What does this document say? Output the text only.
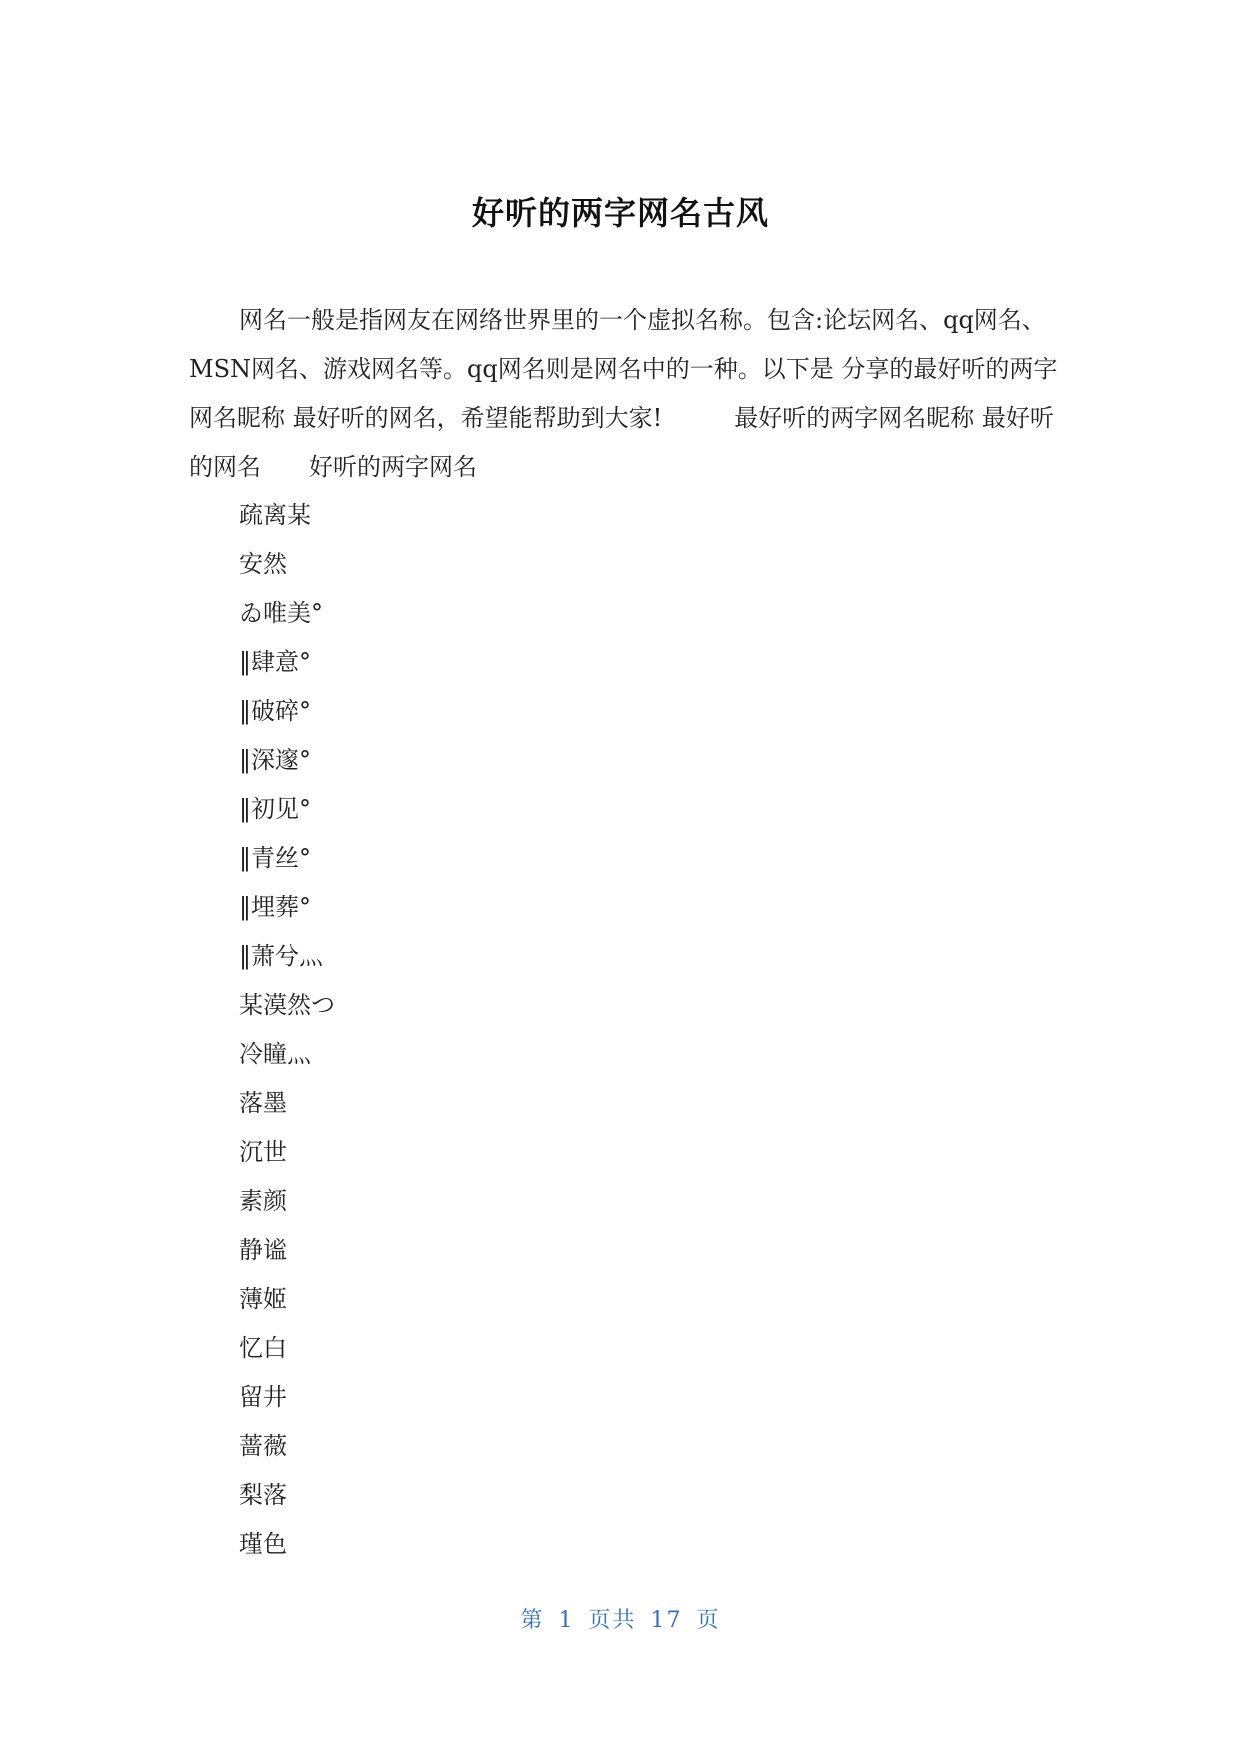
好听的两字网名古风

网名一般是指网友在网络世界里的一个虚拟名称。包含:论坛网名、qq网名、MSN网名、游戏网名等。qq网名则是网名中的一种。以下是 分享的最好听的两字网名昵称 最好听的网名，希望能帮助到大家!　　　最好听的两字网名昵称 最好听的网名　　好听的两字网名

疏离某
安然
ゐ唯美°
‖肆意°
‖破碎°
‖深邃°
‖初见°
‖青丝°
‖埋葬°
‖萧兮灬
某漠然つ
冷瞳灬
落墨
沉世
素颜
静谧
薄姬
忆白
留井
蔷薇
梨落
瑾色
第 1 页共 17 页
